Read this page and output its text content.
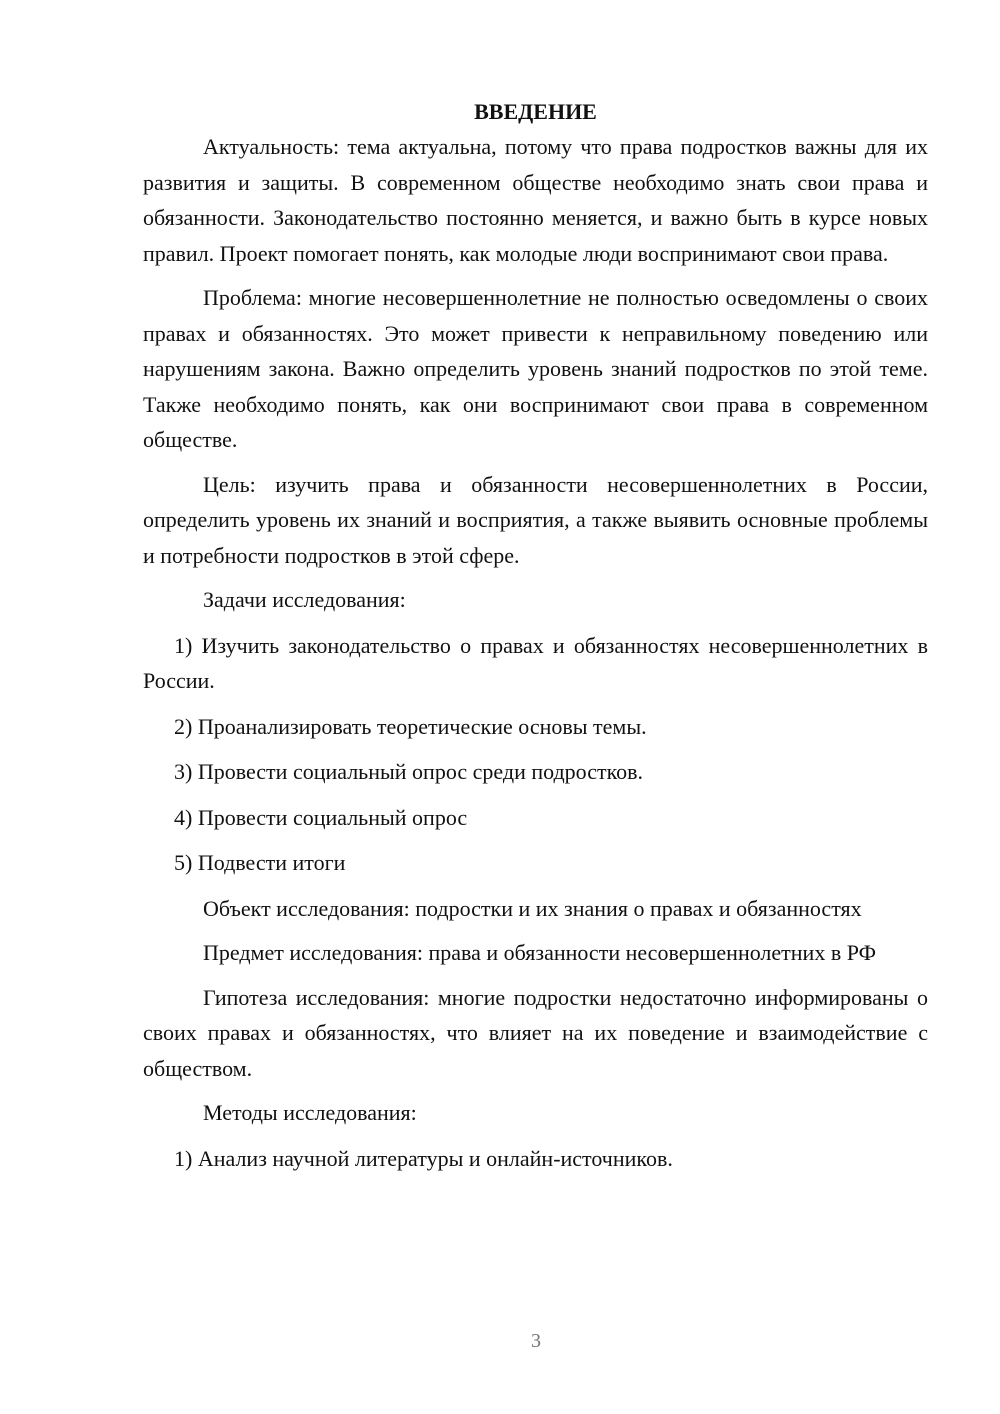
ВВЕДЕНИЕ

Актуальность: тема актуальна, потому что права подростков важны для их развития и защиты. В современном обществе необходимо знать свои права и обязанности. Законодательство постоянно меняется, и важно быть в курсе новых правил. Проект помогает понять, как молодые люди воспринимают свои права.

Проблема: многие несовершеннолетние не полностью осведомлены о своих правах и обязанностях. Это может привести к неправильному поведению или нарушениям закона. Важно определить уровень знаний подростков по этой теме. Также необходимо понять, как они воспринимают свои права в современном обществе.

Цель: изучить права и обязанности несовершеннолетних в России, определить уровень их знаний и восприятия, а также выявить основные проблемы и потребности подростков в этой сфере.

Задачи исследования:

1) Изучить законодательство о правах и обязанностях несовершеннолетних в России.

2) Проанализировать теоретические основы темы.

3) Провести социальный опрос среди подростков.

4) Провести социальный опрос

5) Подвести итоги

Объект исследования: подростки и их знания о правах и обязанностях

Предмет исследования: права и обязанности несовершеннолетних в РФ

Гипотеза исследования: многие подростки недостаточно информированы о своих правах и обязанностях, что влияет на их поведение и взаимодействие с обществом.

Методы исследования:

1) Анализ научной литературы и онлайн-источников.

3
